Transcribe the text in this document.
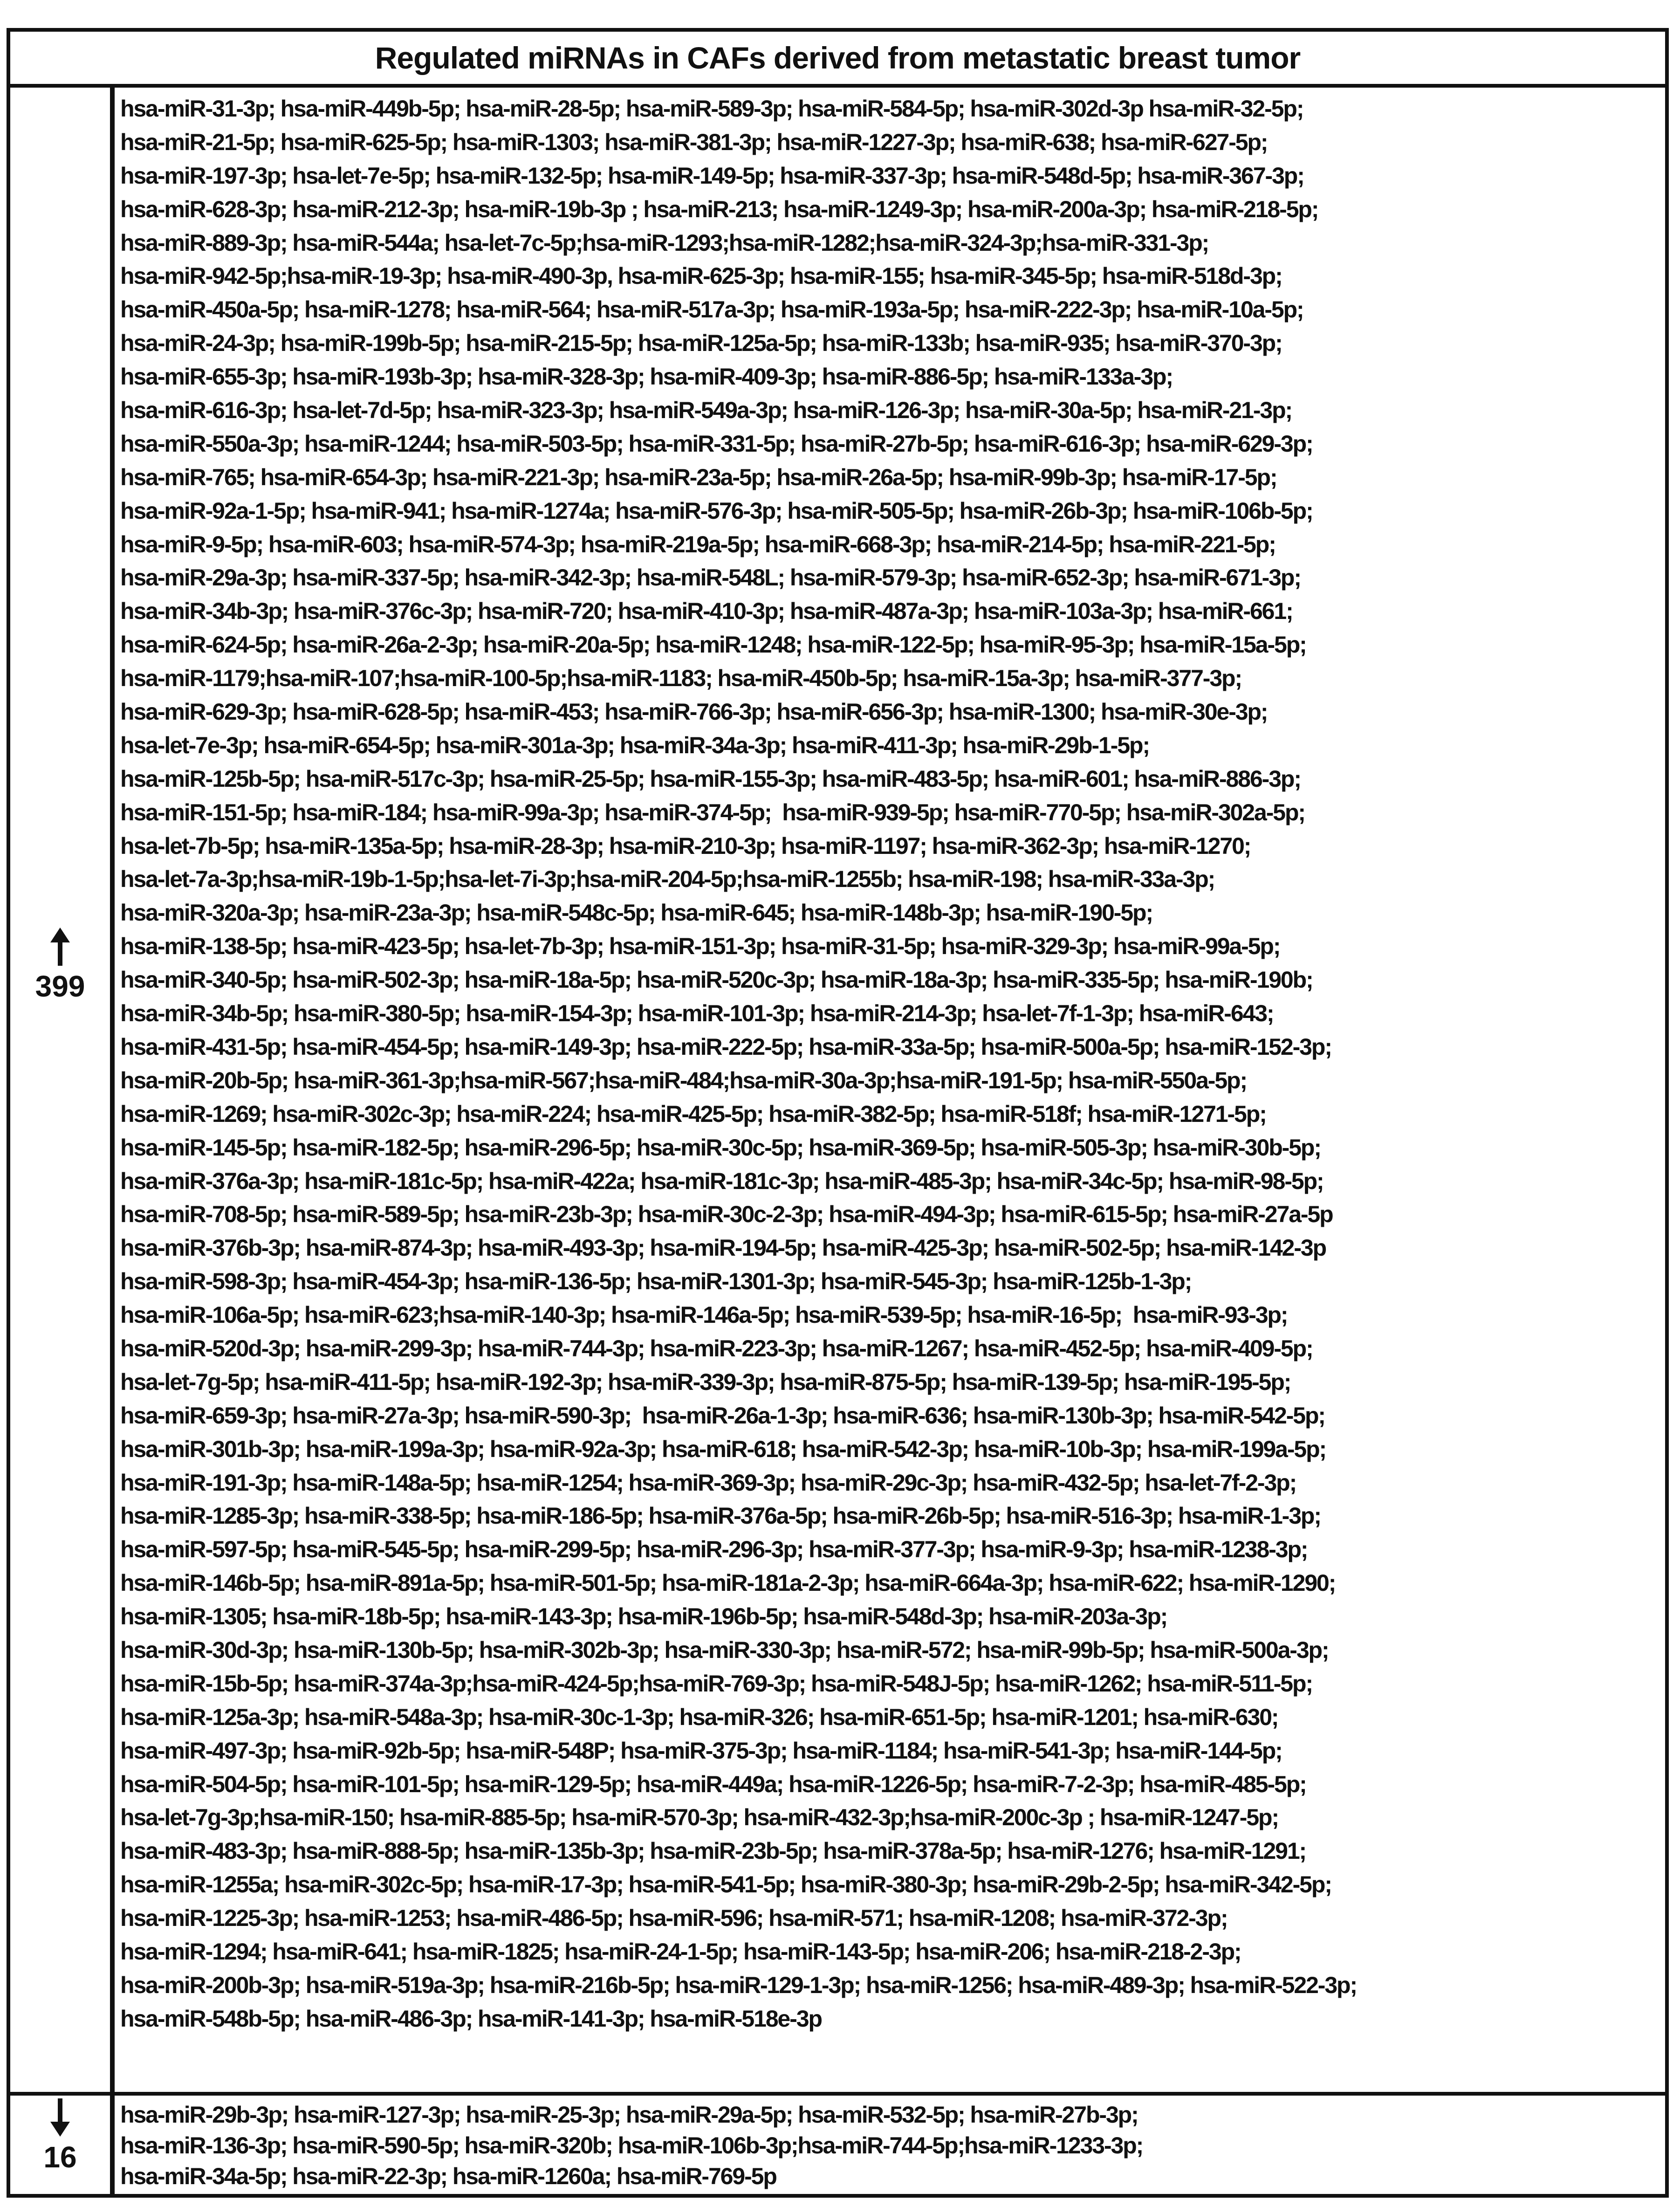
Regulated miRNAs in CAFs derived from metastatic breast tumor
399
hsa-miR-31-3p; hsa-miR-449b-5p; hsa-miR-28-5p; hsa-miR-589-3p; hsa-miR-584-5p; hsa-miR-302d-3p hsa-miR-32-5p;
hsa-miR-21-5p; hsa-miR-625-5p; hsa-miR-1303; hsa-miR-381-3p; hsa-miR-1227-3p; hsa-miR-638; hsa-miR-627-5p;
hsa-miR-197-3p; hsa-let-7e-5p; hsa-miR-132-5p; hsa-miR-149-5p; hsa-miR-337-3p; hsa-miR-548d-5p; hsa-miR-367-3p;
hsa-miR-628-3p; hsa-miR-212-3p; hsa-miR-19b-3p ; hsa-miR-213; hsa-miR-1249-3p; hsa-miR-200a-3p; hsa-miR-218-5p;
hsa-miR-889-3p; hsa-miR-544a; hsa-let-7c-5p;hsa-miR-1293;hsa-miR-1282;hsa-miR-324-3p;hsa-miR-331-3p;
hsa-miR-942-5p;hsa-miR-19-3p; hsa-miR-490-3p, hsa-miR-625-3p; hsa-miR-155; hsa-miR-345-5p; hsa-miR-518d-3p;
hsa-miR-450a-5p; hsa-miR-1278; hsa-miR-564; hsa-miR-517a-3p; hsa-miR-193a-5p; hsa-miR-222-3p; hsa-miR-10a-5p;
hsa-miR-24-3p; hsa-miR-199b-5p; hsa-miR-215-5p; hsa-miR-125a-5p; hsa-miR-133b; hsa-miR-935; hsa-miR-370-3p;
hsa-miR-655-3p; hsa-miR-193b-3p; hsa-miR-328-3p; hsa-miR-409-3p; hsa-miR-886-5p; hsa-miR-133a-3p;
hsa-miR-616-3p; hsa-let-7d-5p; hsa-miR-323-3p; hsa-miR-549a-3p; hsa-miR-126-3p; hsa-miR-30a-5p; hsa-miR-21-3p;
hsa-miR-550a-3p; hsa-miR-1244; hsa-miR-503-5p; hsa-miR-331-5p; hsa-miR-27b-5p; hsa-miR-616-3p; hsa-miR-629-3p;
hsa-miR-765; hsa-miR-654-3p; hsa-miR-221-3p; hsa-miR-23a-5p; hsa-miR-26a-5p; hsa-miR-99b-3p; hsa-miR-17-5p;
hsa-miR-92a-1-5p; hsa-miR-941; hsa-miR-1274a; hsa-miR-576-3p; hsa-miR-505-5p; hsa-miR-26b-3p; hsa-miR-106b-5p;
hsa-miR-9-5p; hsa-miR-603; hsa-miR-574-3p; hsa-miR-219a-5p; hsa-miR-668-3p; hsa-miR-214-5p; hsa-miR-221-5p;
hsa-miR-29a-3p; hsa-miR-337-5p; hsa-miR-342-3p; hsa-miR-548L; hsa-miR-579-3p; hsa-miR-652-3p; hsa-miR-671-3p;
hsa-miR-34b-3p; hsa-miR-376c-3p; hsa-miR-720; hsa-miR-410-3p; hsa-miR-487a-3p; hsa-miR-103a-3p; hsa-miR-661;
hsa-miR-624-5p; hsa-miR-26a-2-3p; hsa-miR-20a-5p; hsa-miR-1248; hsa-miR-122-5p; hsa-miR-95-3p; hsa-miR-15a-5p;
hsa-miR-1179;hsa-miR-107;hsa-miR-100-5p;hsa-miR-1183; hsa-miR-450b-5p; hsa-miR-15a-3p; hsa-miR-377-3p;
hsa-miR-629-3p; hsa-miR-628-5p; hsa-miR-453; hsa-miR-766-3p; hsa-miR-656-3p; hsa-miR-1300; hsa-miR-30e-3p;
hsa-let-7e-3p; hsa-miR-654-5p; hsa-miR-301a-3p; hsa-miR-34a-3p; hsa-miR-411-3p; hsa-miR-29b-1-5p;
hsa-miR-125b-5p; hsa-miR-517c-3p; hsa-miR-25-5p; hsa-miR-155-3p; hsa-miR-483-5p; hsa-miR-601; hsa-miR-886-3p;
hsa-miR-151-5p; hsa-miR-184; hsa-miR-99a-3p; hsa-miR-374-5p;  hsa-miR-939-5p; hsa-miR-770-5p; hsa-miR-302a-5p;
hsa-let-7b-5p; hsa-miR-135a-5p; hsa-miR-28-3p; hsa-miR-210-3p; hsa-miR-1197; hsa-miR-362-3p; hsa-miR-1270;
hsa-let-7a-3p;hsa-miR-19b-1-5p;hsa-let-7i-3p;hsa-miR-204-5p;hsa-miR-1255b; hsa-miR-198; hsa-miR-33a-3p;
hsa-miR-320a-3p; hsa-miR-23a-3p; hsa-miR-548c-5p; hsa-miR-645; hsa-miR-148b-3p; hsa-miR-190-5p;
hsa-miR-138-5p; hsa-miR-423-5p; hsa-let-7b-3p; hsa-miR-151-3p; hsa-miR-31-5p; hsa-miR-329-3p; hsa-miR-99a-5p;
hsa-miR-340-5p; hsa-miR-502-3p; hsa-miR-18a-5p; hsa-miR-520c-3p; hsa-miR-18a-3p; hsa-miR-335-5p; hsa-miR-190b;
hsa-miR-34b-5p; hsa-miR-380-5p; hsa-miR-154-3p; hsa-miR-101-3p; hsa-miR-214-3p; hsa-let-7f-1-3p; hsa-miR-643;
hsa-miR-431-5p; hsa-miR-454-5p; hsa-miR-149-3p; hsa-miR-222-5p; hsa-miR-33a-5p; hsa-miR-500a-5p; hsa-miR-152-3p;
hsa-miR-20b-5p; hsa-miR-361-3p;hsa-miR-567;hsa-miR-484;hsa-miR-30a-3p;hsa-miR-191-5p; hsa-miR-550a-5p;
hsa-miR-1269; hsa-miR-302c-3p; hsa-miR-224; hsa-miR-425-5p; hsa-miR-382-5p; hsa-miR-518f; hsa-miR-1271-5p;
hsa-miR-145-5p; hsa-miR-182-5p; hsa-miR-296-5p; hsa-miR-30c-5p; hsa-miR-369-5p; hsa-miR-505-3p; hsa-miR-30b-5p;
hsa-miR-376a-3p; hsa-miR-181c-5p; hsa-miR-422a; hsa-miR-181c-3p; hsa-miR-485-3p; hsa-miR-34c-5p; hsa-miR-98-5p;
hsa-miR-708-5p; hsa-miR-589-5p; hsa-miR-23b-3p; hsa-miR-30c-2-3p; hsa-miR-494-3p; hsa-miR-615-5p; hsa-miR-27a-5p
hsa-miR-376b-3p; hsa-miR-874-3p; hsa-miR-493-3p; hsa-miR-194-5p; hsa-miR-425-3p; hsa-miR-502-5p; hsa-miR-142-3p
hsa-miR-598-3p; hsa-miR-454-3p; hsa-miR-136-5p; hsa-miR-1301-3p; hsa-miR-545-3p; hsa-miR-125b-1-3p;
hsa-miR-106a-5p; hsa-miR-623;hsa-miR-140-3p; hsa-miR-146a-5p; hsa-miR-539-5p; hsa-miR-16-5p;  hsa-miR-93-3p;
hsa-miR-520d-3p; hsa-miR-299-3p; hsa-miR-744-3p; hsa-miR-223-3p; hsa-miR-1267; hsa-miR-452-5p; hsa-miR-409-5p;
hsa-let-7g-5p; hsa-miR-411-5p; hsa-miR-192-3p; hsa-miR-339-3p; hsa-miR-875-5p; hsa-miR-139-5p; hsa-miR-195-5p;
hsa-miR-659-3p; hsa-miR-27a-3p; hsa-miR-590-3p;  hsa-miR-26a-1-3p; hsa-miR-636; hsa-miR-130b-3p; hsa-miR-542-5p;
hsa-miR-301b-3p; hsa-miR-199a-3p; hsa-miR-92a-3p; hsa-miR-618; hsa-miR-542-3p; hsa-miR-10b-3p; hsa-miR-199a-5p;
hsa-miR-191-3p; hsa-miR-148a-5p; hsa-miR-1254; hsa-miR-369-3p; hsa-miR-29c-3p; hsa-miR-432-5p; hsa-let-7f-2-3p;
hsa-miR-1285-3p; hsa-miR-338-5p; hsa-miR-186-5p; hsa-miR-376a-5p; hsa-miR-26b-5p; hsa-miR-516-3p; hsa-miR-1-3p;
hsa-miR-597-5p; hsa-miR-545-5p; hsa-miR-299-5p; hsa-miR-296-3p; hsa-miR-377-3p; hsa-miR-9-3p; hsa-miR-1238-3p;
hsa-miR-146b-5p; hsa-miR-891a-5p; hsa-miR-501-5p; hsa-miR-181a-2-3p; hsa-miR-664a-3p; hsa-miR-622; hsa-miR-1290;
hsa-miR-1305; hsa-miR-18b-5p; hsa-miR-143-3p; hsa-miR-196b-5p; hsa-miR-548d-3p; hsa-miR-203a-3p;
hsa-miR-30d-3p; hsa-miR-130b-5p; hsa-miR-302b-3p; hsa-miR-330-3p; hsa-miR-572; hsa-miR-99b-5p; hsa-miR-500a-3p;
hsa-miR-15b-5p; hsa-miR-374a-3p;hsa-miR-424-5p;hsa-miR-769-3p; hsa-miR-548J-5p; hsa-miR-1262; hsa-miR-511-5p;
hsa-miR-125a-3p; hsa-miR-548a-3p; hsa-miR-30c-1-3p; hsa-miR-326; hsa-miR-651-5p; hsa-miR-1201; hsa-miR-630;
hsa-miR-497-3p; hsa-miR-92b-5p; hsa-miR-548P; hsa-miR-375-3p; hsa-miR-1184; hsa-miR-541-3p; hsa-miR-144-5p;
hsa-miR-504-5p; hsa-miR-101-5p; hsa-miR-129-5p; hsa-miR-449a; hsa-miR-1226-5p; hsa-miR-7-2-3p; hsa-miR-485-5p;
hsa-let-7g-3p;hsa-miR-150; hsa-miR-885-5p; hsa-miR-570-3p; hsa-miR-432-3p;hsa-miR-200c-3p ; hsa-miR-1247-5p;
hsa-miR-483-3p; hsa-miR-888-5p; hsa-miR-135b-3p; hsa-miR-23b-5p; hsa-miR-378a-5p; hsa-miR-1276; hsa-miR-1291;
hsa-miR-1255a; hsa-miR-302c-5p; hsa-miR-17-3p; hsa-miR-541-5p; hsa-miR-380-3p; hsa-miR-29b-2-5p; hsa-miR-342-5p;
hsa-miR-1225-3p; hsa-miR-1253; hsa-miR-486-5p; hsa-miR-596; hsa-miR-571; hsa-miR-1208; hsa-miR-372-3p;
hsa-miR-1294; hsa-miR-641; hsa-miR-1825; hsa-miR-24-1-5p; hsa-miR-143-5p; hsa-miR-206; hsa-miR-218-2-3p;
hsa-miR-200b-3p; hsa-miR-519a-3p; hsa-miR-216b-5p; hsa-miR-129-1-3p; hsa-miR-1256; hsa-miR-489-3p; hsa-miR-522-3p;
hsa-miR-548b-5p; hsa-miR-486-3p; hsa-miR-141-3p; hsa-miR-518e-3p
16
hsa-miR-29b-3p; hsa-miR-127-3p; hsa-miR-25-3p; hsa-miR-29a-5p; hsa-miR-532-5p; hsa-miR-27b-3p;
hsa-miR-136-3p; hsa-miR-590-5p; hsa-miR-320b; hsa-miR-106b-3p;hsa-miR-744-5p;hsa-miR-1233-3p;
hsa-miR-34a-5p; hsa-miR-22-3p; hsa-miR-1260a; hsa-miR-769-5p
